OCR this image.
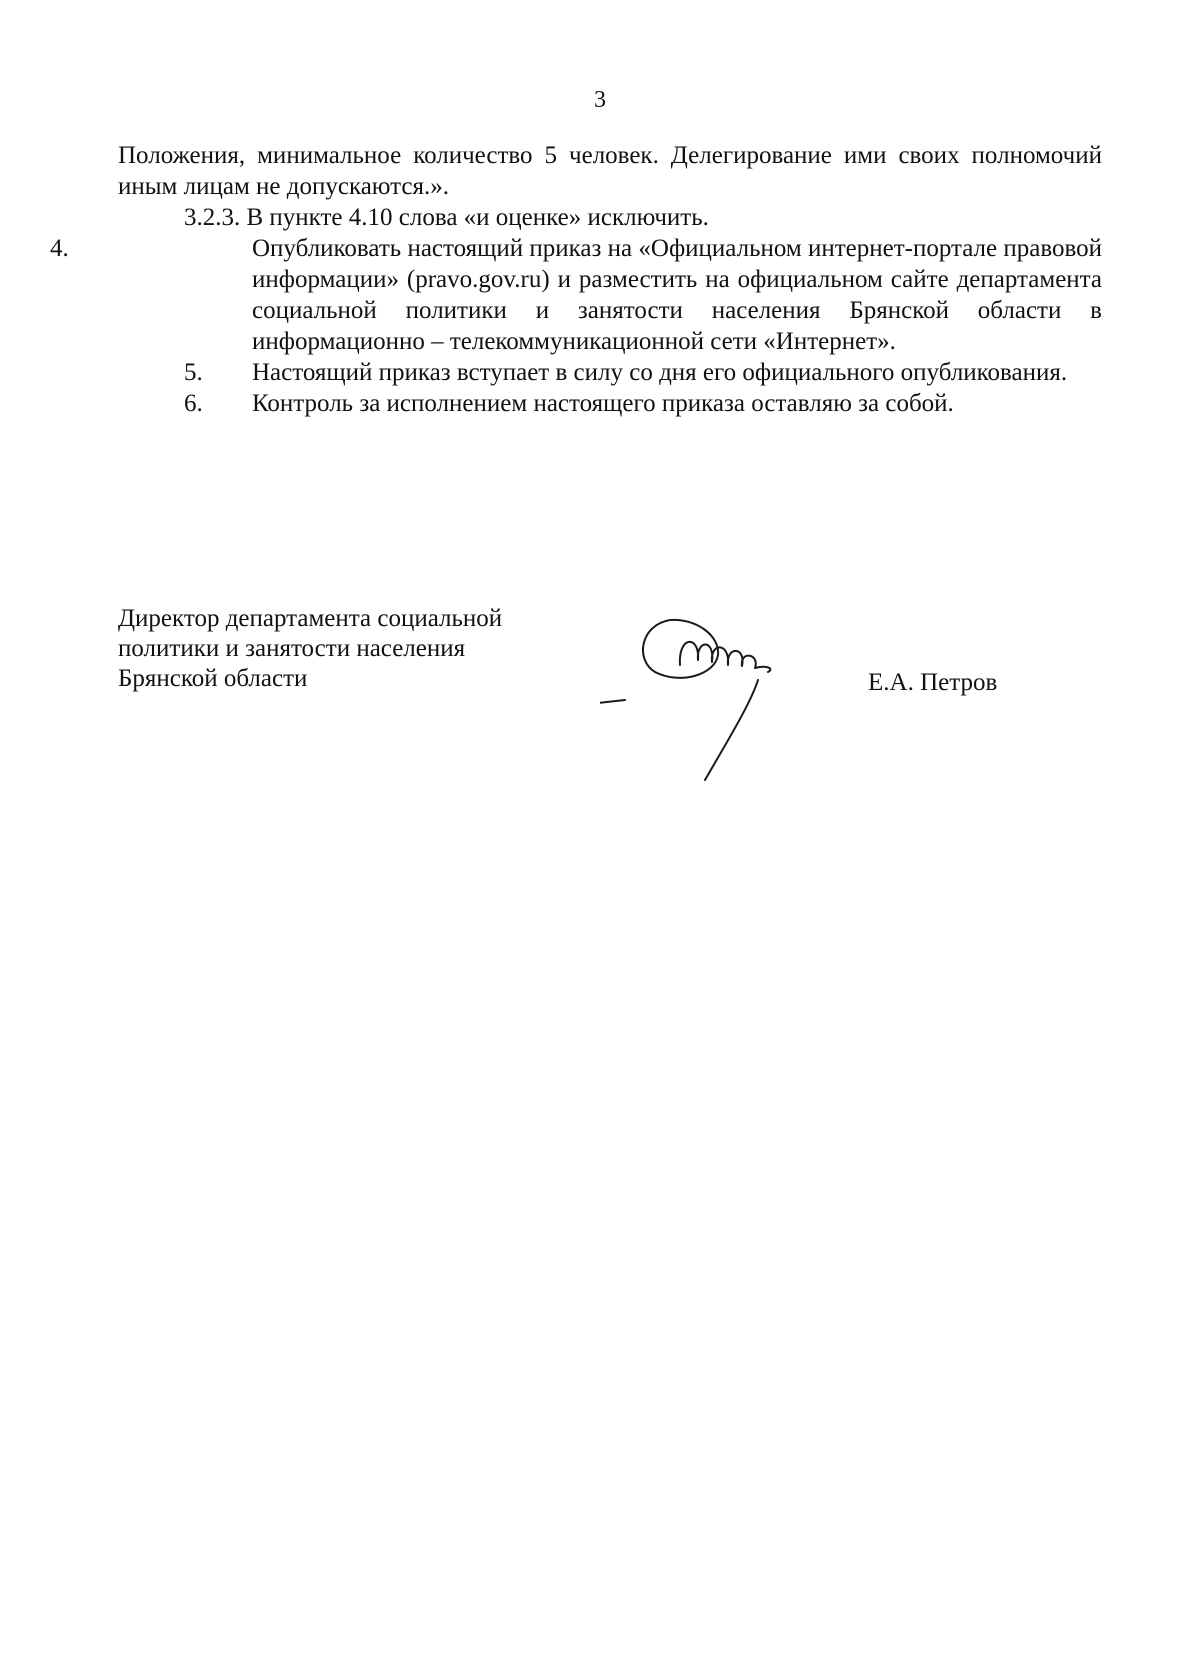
3

Положения, минимальное количество 5 человек. Делегирование ими своих полномочий иным лицам не допускаются.».

3.2.3. В пункте 4.10 слова «и оценке» исключить.

4.	Опубликовать настоящий приказ на «Официальном интернет-портале правовой информации» (pravo.gov.ru) и разместить на официальном сайте департамента социальной политики и занятости населения Брянской области в информационно – телекоммуникационной сети «Интернет».

5. Настоящий приказ вступает в силу со дня его официального опубликования.

6. Контроль за исполнением настоящего приказа оставляю за собой.

Директор департамента социальной
политики и занятости населения
Брянской области	Е.А. Петров
